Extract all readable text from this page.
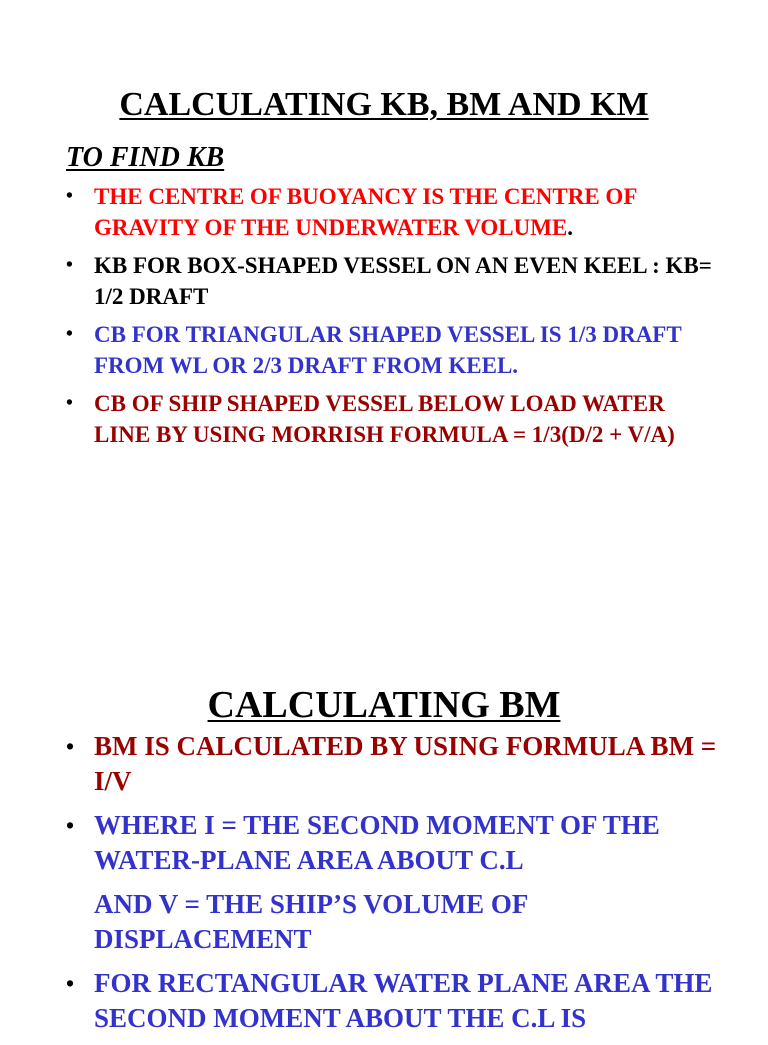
CALCULATING KB, BM AND KM
TO FIND KB
• THE CENTRE OF BUOYANCY IS THE CENTRE OF GRAVITY OF THE UNDERWATER VOLUME.
• KB FOR BOX-SHAPED VESSEL ON AN EVEN KEEL : KB= 1/2 DRAFT
• CB FOR TRIANGULAR SHAPED VESSEL IS 1/3 DRAFT FROM WL OR 2/3 DRAFT FROM KEEL.
• CB OF SHIP SHAPED VESSEL BELOW LOAD WATER LINE BY USING MORRISH FORMULA = 1/3(D/2 + V/A)
CALCULATING BM
• BM IS CALCULATED BY USING FORMULA BM = I/V
• WHERE I = THE SECOND MOMENT OF THE WATER-PLANE AREA ABOUT C.L
AND V = THE SHIP’S VOLUME OF DISPLACEMENT
• FOR RECTANGULAR WATER PLANE AREA THE SECOND MOMENT ABOUT THE C.L IS
